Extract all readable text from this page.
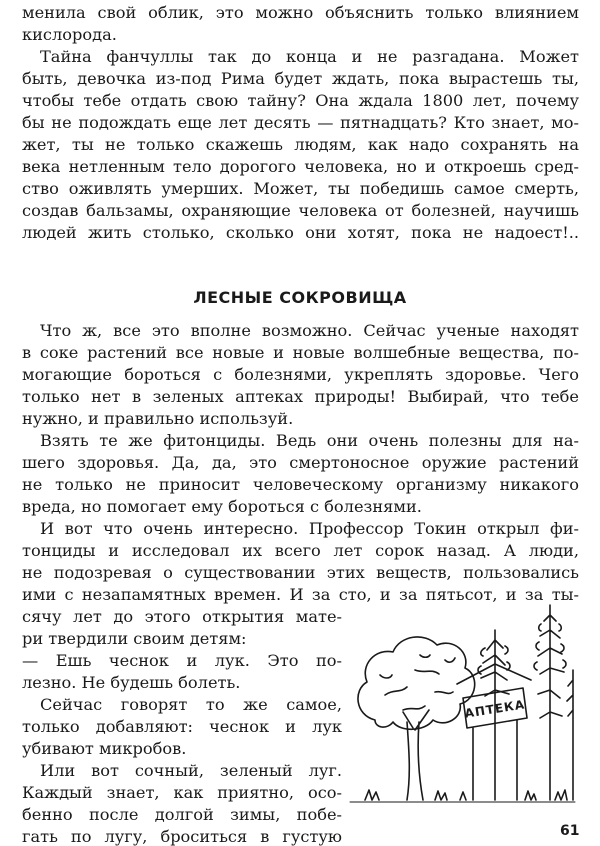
менила свой облик, это можно объяснить только влиянием
кислорода.
Тайна фанчуллы так до конца и не разгадана. Может
быть, девочка из-под Рима будет ждать, пока вырастешь ты,
чтобы тебе отдать свою тайну? Она ждала 1800 лет, почему
бы не подождать еще лет десять — пятнадцать? Кто знает, мо-
жет, ты не только скажешь людям, как надо сохранять на
века нетленным тело дорогого человека, но и откроешь сред-
ство оживлять умерших. Может, ты победишь самое смерть,
создав бальзамы, охраняющие человека от болезней, научишь
людей жить столько, сколько они хотят, пока не надоест!..
ЛЕСНЫЕ СОКРОВИЩА
Что ж, все это вполне возможно. Сейчас ученые находят
в соке растений все новые и новые волшебные вещества, по-
могающие бороться с болезнями, укреплять здоровье. Чего
только нет в зеленых аптеках природы! Выбирай, что тебе
нужно, и правильно используй.
Взять те же фитонциды. Ведь они очень полезны для на-
шего здоровья. Да, да, это смертоносное оружие растений
не только не приносит человеческому организму никакого
вреда, но помогает ему бороться с болезнями.
И вот что очень интересно. Профессор Токин открыл фи-
тонциды и исследовал их всего лет сорок назад. А люди,
не подозревая о существовании этих веществ, пользовались
ими с незапамятных времен. И за сто, и за пятьсот, и за ты-
сячу лет до этого открытия мате-
ри твердили своим детям:
— Ешь чеснок и лук. Это по-
лезно. Не будешь болеть.
Сейчас говорят то же самое,
только добавляют: чеснок и лук
убивают микробов.
Или вот сочный, зеленый луг.
Каждый знает, как приятно, осо-
бенно после долгой зимы, побе-
гать по лугу, броситься в густую
АПТЕКА
61
